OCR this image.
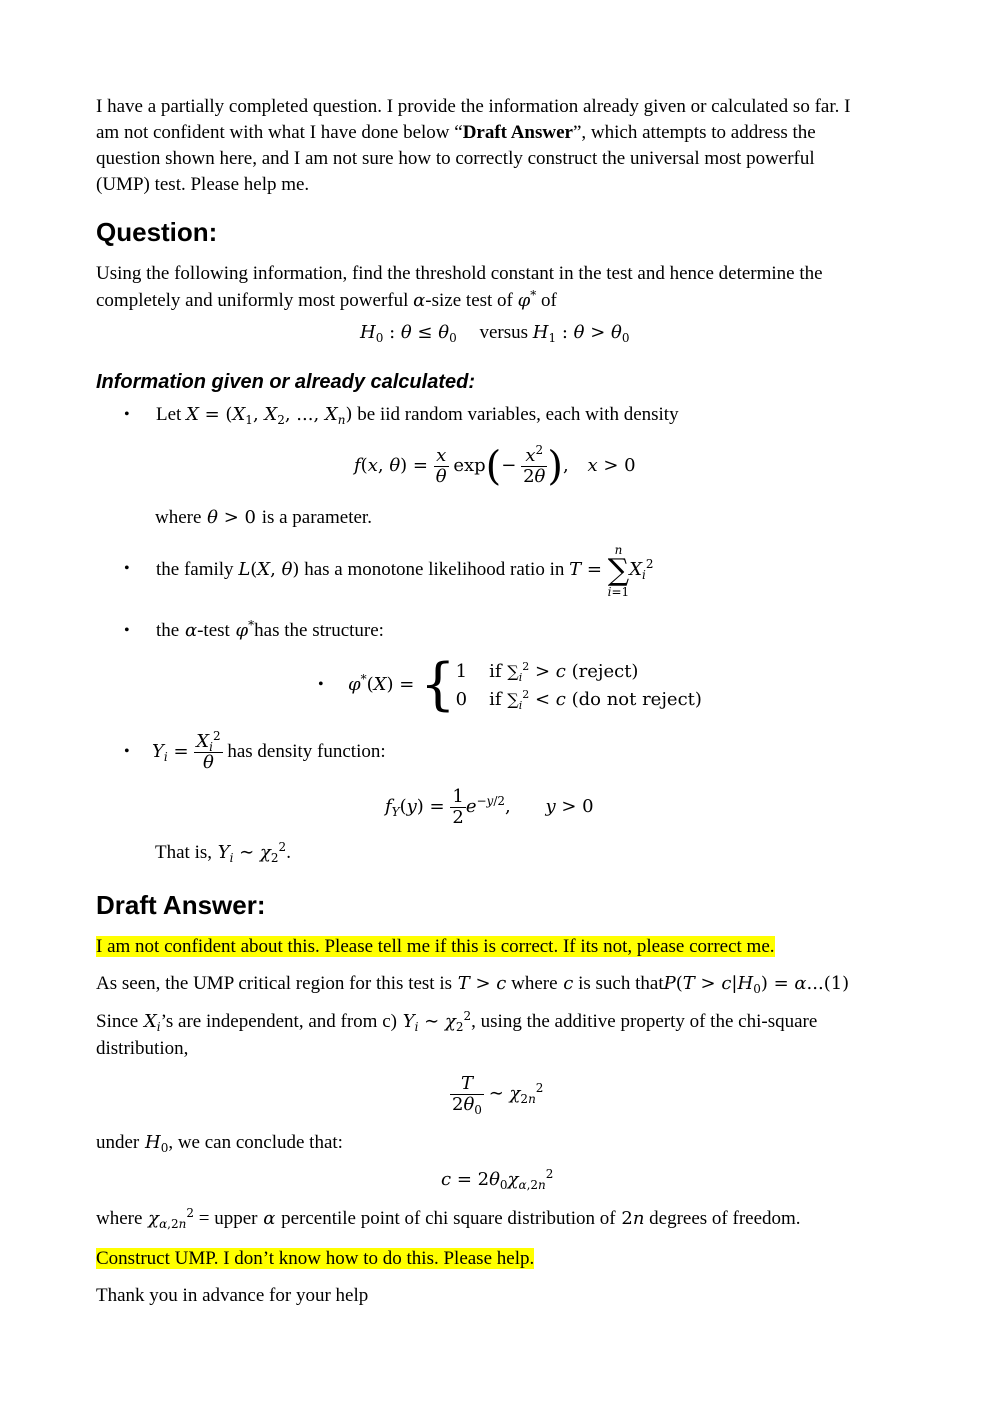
I have a partially completed question. I provide the information already given or calculated so far. I
am not confident with what I have done below “Draft Answer”, which attempts to address the
question shown here, and I am not sure how to correctly construct the universal most powerful
(UMP) test. Please help me.
Question:
Using the following information, find the threshold constant in the test and hence determine the
completely and uniformly most powerful α-size test of φ* of
$H_0$ : $\theta \le \theta_0$ versus $H_1$ : $\theta > \theta_0$
Information given or already calculated:
• Let $X = (X_1$, $X_2$, ..., $X_n$) be iid random variables, each with density
f(x, $\theta) = \frac{x}{\theta} \exp(- \frac{x^2}{2\theta}$ ), x > 0
where θ > 0 is a parameter.
• the family L(X, θ) has a monotone likelihood ratio in T =
n
∑
i=1
$X_i^2$
• the α-test φ*has the structure:
• φ*(X) = { 1 if $\sum_i^2 > c$ (reject)
0 if $\sum_i^2 < c$ (do not reject)
• $Y_i = \frac{X_i^2}{\theta}$ has density function:
$f_Y(y) = \frac{1}{2} e^{-y/2}$, y > 0
That is, $Y_i$ ∼ $\chi_2^2$.
Draft Answer:
I am not confident about this. Please tell me if this is correct. If its not, please correct me.
As seen, the UMP critical region for this test is T > c where c is such thatP(T > $c|H_0) = \alpha...(1)$
Since $X_i’s$ are independent, and from c) $Y_i$ ∼ $\chi_2^2$, using the additive property of the chi-square
distribution,
$\frac{T}{2\theta_0}$ ∼ $\chi_{2n}^2$
under $H_0$, we can conclude that:
$c = 2\theta_0\chi_{\alpha,2n}^2$
where $\chi_{\alpha,2n}^2$ = upper α percentile point of chi square distribution of 2n degrees of freedom.
Construct UMP. I don’t know how to do this. Please help.
Thank you in advance for your help
